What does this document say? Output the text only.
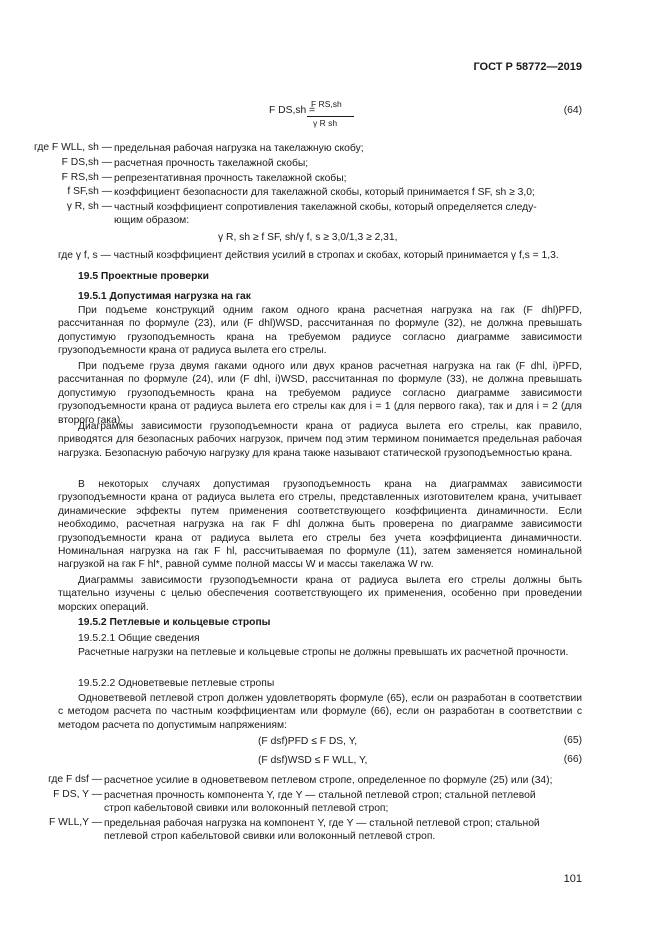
ГОСТ Р 58772—2019
F DS,sh =
F RS,sh
γ R sh
(64)
где F WLL, sh — предельная рабочая нагрузка на такелажную скобу;
F DS,sh — расчетная прочность такелажной скобы;
F RS,sh — репрезентативная прочность такелажной скобы;
f SF,sh — коэффициент безопасности для такелажной скобы, который принимается f SF, sh ≥ 3,0;
γ R, sh — частный коэффициент сопротивления такелажной скобы, который определяется следу-
ющим образом:
γ R, sh ≥ f SF, sh/γ f, s ≥ 3,0/1,3 ≥ 2,31,
где γ f, s — частный коэффициент действия усилий в стропах и скобах, который принимается γ f,s = 1,3.
19.5 Проектные проверки
19.5.1 Допустимая нагрузка на гак
При подъеме конструкций одним гаком одного крана расчетная нагрузка на гак (F dhl)PFD, рассчитанная по формуле (23), или (F dhl)WSD, рассчитанная по формуле (32), не должна превышать допустимую грузоподъемность крана на требуемом радиусе согласно диаграмме зависимости грузоподъемности крана от радиуса вылета его стрелы.
При подъеме груза двумя гаками одного или двух кранов расчетная нагрузка на гак (F dhl, i)PFD, рассчитанная по формуле (24), или (F dhl, i)WSD, рассчитанная по формуле (33), не должна превышать допустимую грузоподъемность крана на требуемом радиусе согласно диаграмме зависимости грузоподъемности крана от радиуса вылета его стрелы как для i = 1 (для первого гака), так и для i = 2 (для второго гака).
Диаграммы зависимости грузоподъемности крана от радиуса вылета его стрелы, как правило, приводятся для безопасных рабочих нагрузок, причем под этим термином понимается предельная рабочая нагрузка. Безопасную рабочую нагрузку для крана также называют статической грузоподъемностью крана.
В некоторых случаях допустимая грузоподъемность крана на диаграммах зависимости грузоподъемности крана от радиуса вылета его стрелы, представленных изготовителем крана, учитывает динамические эффекты путем применения соответствующего коэффициента динамичности. Если необходимо, расчетная нагрузка на гак F dhl должна быть проверена по диаграмме зависимости грузоподъемности крана от радиуса вылета его стрелы без учета коэффициента динамичности. Номинальная нагрузка на гак F hl, рассчитываемая по формуле (11), затем заменяется номинальной нагрузкой на гак F hl*, равной сумме полной массы W и массы такелажа W rw.
Диаграммы зависимости грузоподъемности крана от радиуса вылета его стрелы должны быть тщательно изучены с целью обеспечения соответствующего их применения, особенно при проведении морских операций.
19.5.2 Петлевые и кольцевые стропы
19.5.2.1 Общие сведения
Расчетные нагрузки на петлевые и кольцевые стропы не должны превышать их расчетной прочности.
19.5.2.2 Одноветвевые петлевые стропы
Одноветвевой петлевой строп должен удовлетворять формуле (65), если он разработан в соответствии с методом расчета по частным коэффициентам или формуле (66), если он разработан в соответствии с методом расчета по допустимым напряжениям:
(F dsf)PFD ≤ F DS, Y,	(65)
(F dsf)WSD ≤ F WLL, Y,	(66)
где F dsf — расчетное усилие в одноветвевом петлевом стропе, определенное по формуле (25) или (34);
F DS, Y — расчетная прочность компонента Y, где Y — стальной петлевой строп; стальной петлевой
строп кабельтовой свивки или волоконный петлевой строп;
F WLL,Y — предельная рабочая нагрузка на компонент Y, где Y — стальной петлевой строп; стальной
петлевой строп кабельтовой свивки или волоконный петлевой строп.
101
